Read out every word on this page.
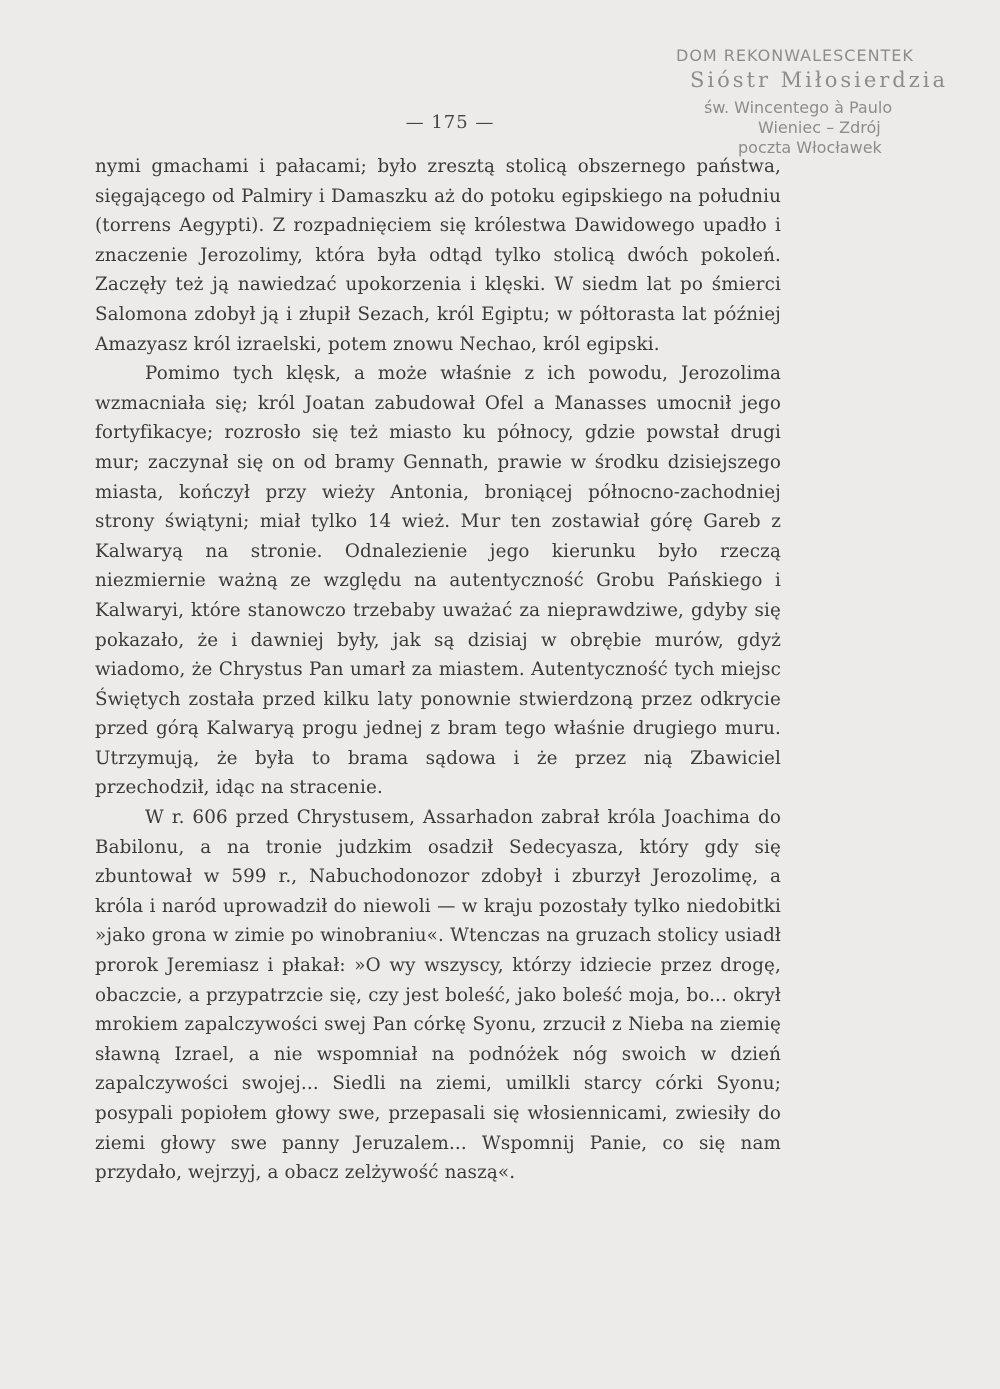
DOM REKONWALESCENTEK
Sióstr Miłosierdzia
św. Wincentego à Paulo
Wieniec – Zdrój
poczta Włocławek
— 175 —

nymi gmachami i pałacami; było zresztą stolicą obszernego państwa, sięgającego od Palmiry i Damaszku aż do potoku egipskiego na południu (torrens Aegypti). Z rozpadnięciem się królestwa Dawidowego upadło i znaczenie Jerozolimy, która była odtąd tylko stolicą dwóch pokoleń. Zaczęły też ją nawiedzać upokorzenia i klęski. W siedm lat po śmierci Salomona zdobył ją i złupił Sezach, król Egiptu; w półtorasta lat później Amazyasz król izraelski, potem znowu Nechao, król egipski.

Pomimo tych klęsk, a może właśnie z ich powodu, Jerozolima wzmacniała się; król Joatan zabudował Ofel a Manasses umocnił jego fortyfikacye; rozrosło się też miasto ku północy, gdzie powstał drugi mur; zaczynał się on od bramy Gennath, prawie w środku dzisiejszego miasta, kończył przy wieży Antonia, broniącej północno-zachodniej strony świątyni; miał tylko 14 wież. Mur ten zostawiał górę Gareb z Kalwaryą na stronie. Odnalezienie jego kierunku było rzeczą niezmiernie ważną ze względu na autentyczność Grobu Pańskiego i Kalwaryi, które stanowczo trzebaby uważać za nieprawdziwe, gdyby się pokazało, że i dawniej były, jak są dzisiaj w obrębie murów, gdyż wiadomo, że Chrystus Pan umarł za miastem. Autentyczność tych miejsc Świętych została przed kilku laty ponownie stwierdzoną przez odkrycie przed górą Kalwaryą progu jednej z bram tego właśnie drugiego muru. Utrzymują, że była to brama sądowa i że przez nią Zbawiciel przechodził, idąc na stracenie.

W r. 606 przed Chrystusem, Assarhadon zabrał króla Joachima do Babilonu, a na tronie judzkim osadził Sedecyasza, który gdy się zbuntował w 599 r., Nabuchodonozor zdobył i zburzył Jerozolimę, a króla i naród uprowadził do niewoli — w kraju pozostały tylko niedobitki »jako grona w zimie po winobraniu«. Wtenczas na gruzach stolicy usiadł prorok Jeremiasz i płakał: »O wy wszyscy, którzy idziecie przez drogę, obaczcie, a przypatrzcie się, czy jest boleść, jako boleść moja, bo... okrył mrokiem zapalczywości swej Pan córkę Syonu, zrzucił z Nieba na ziemię sławną Izrael, a nie wspomniał na podnóżek nóg swoich w dzień zapalczywości swojej... Siedli na ziemi, umilkli starcy córki Syonu; posypali popiołem głowy swe, przepasali się włosiennicami, zwiesiły do ziemi głowy swe panny Jeruzalem... Wspomnij Panie, co się nam przydało, wejrzyj, a obacz zelżywość naszą«.
